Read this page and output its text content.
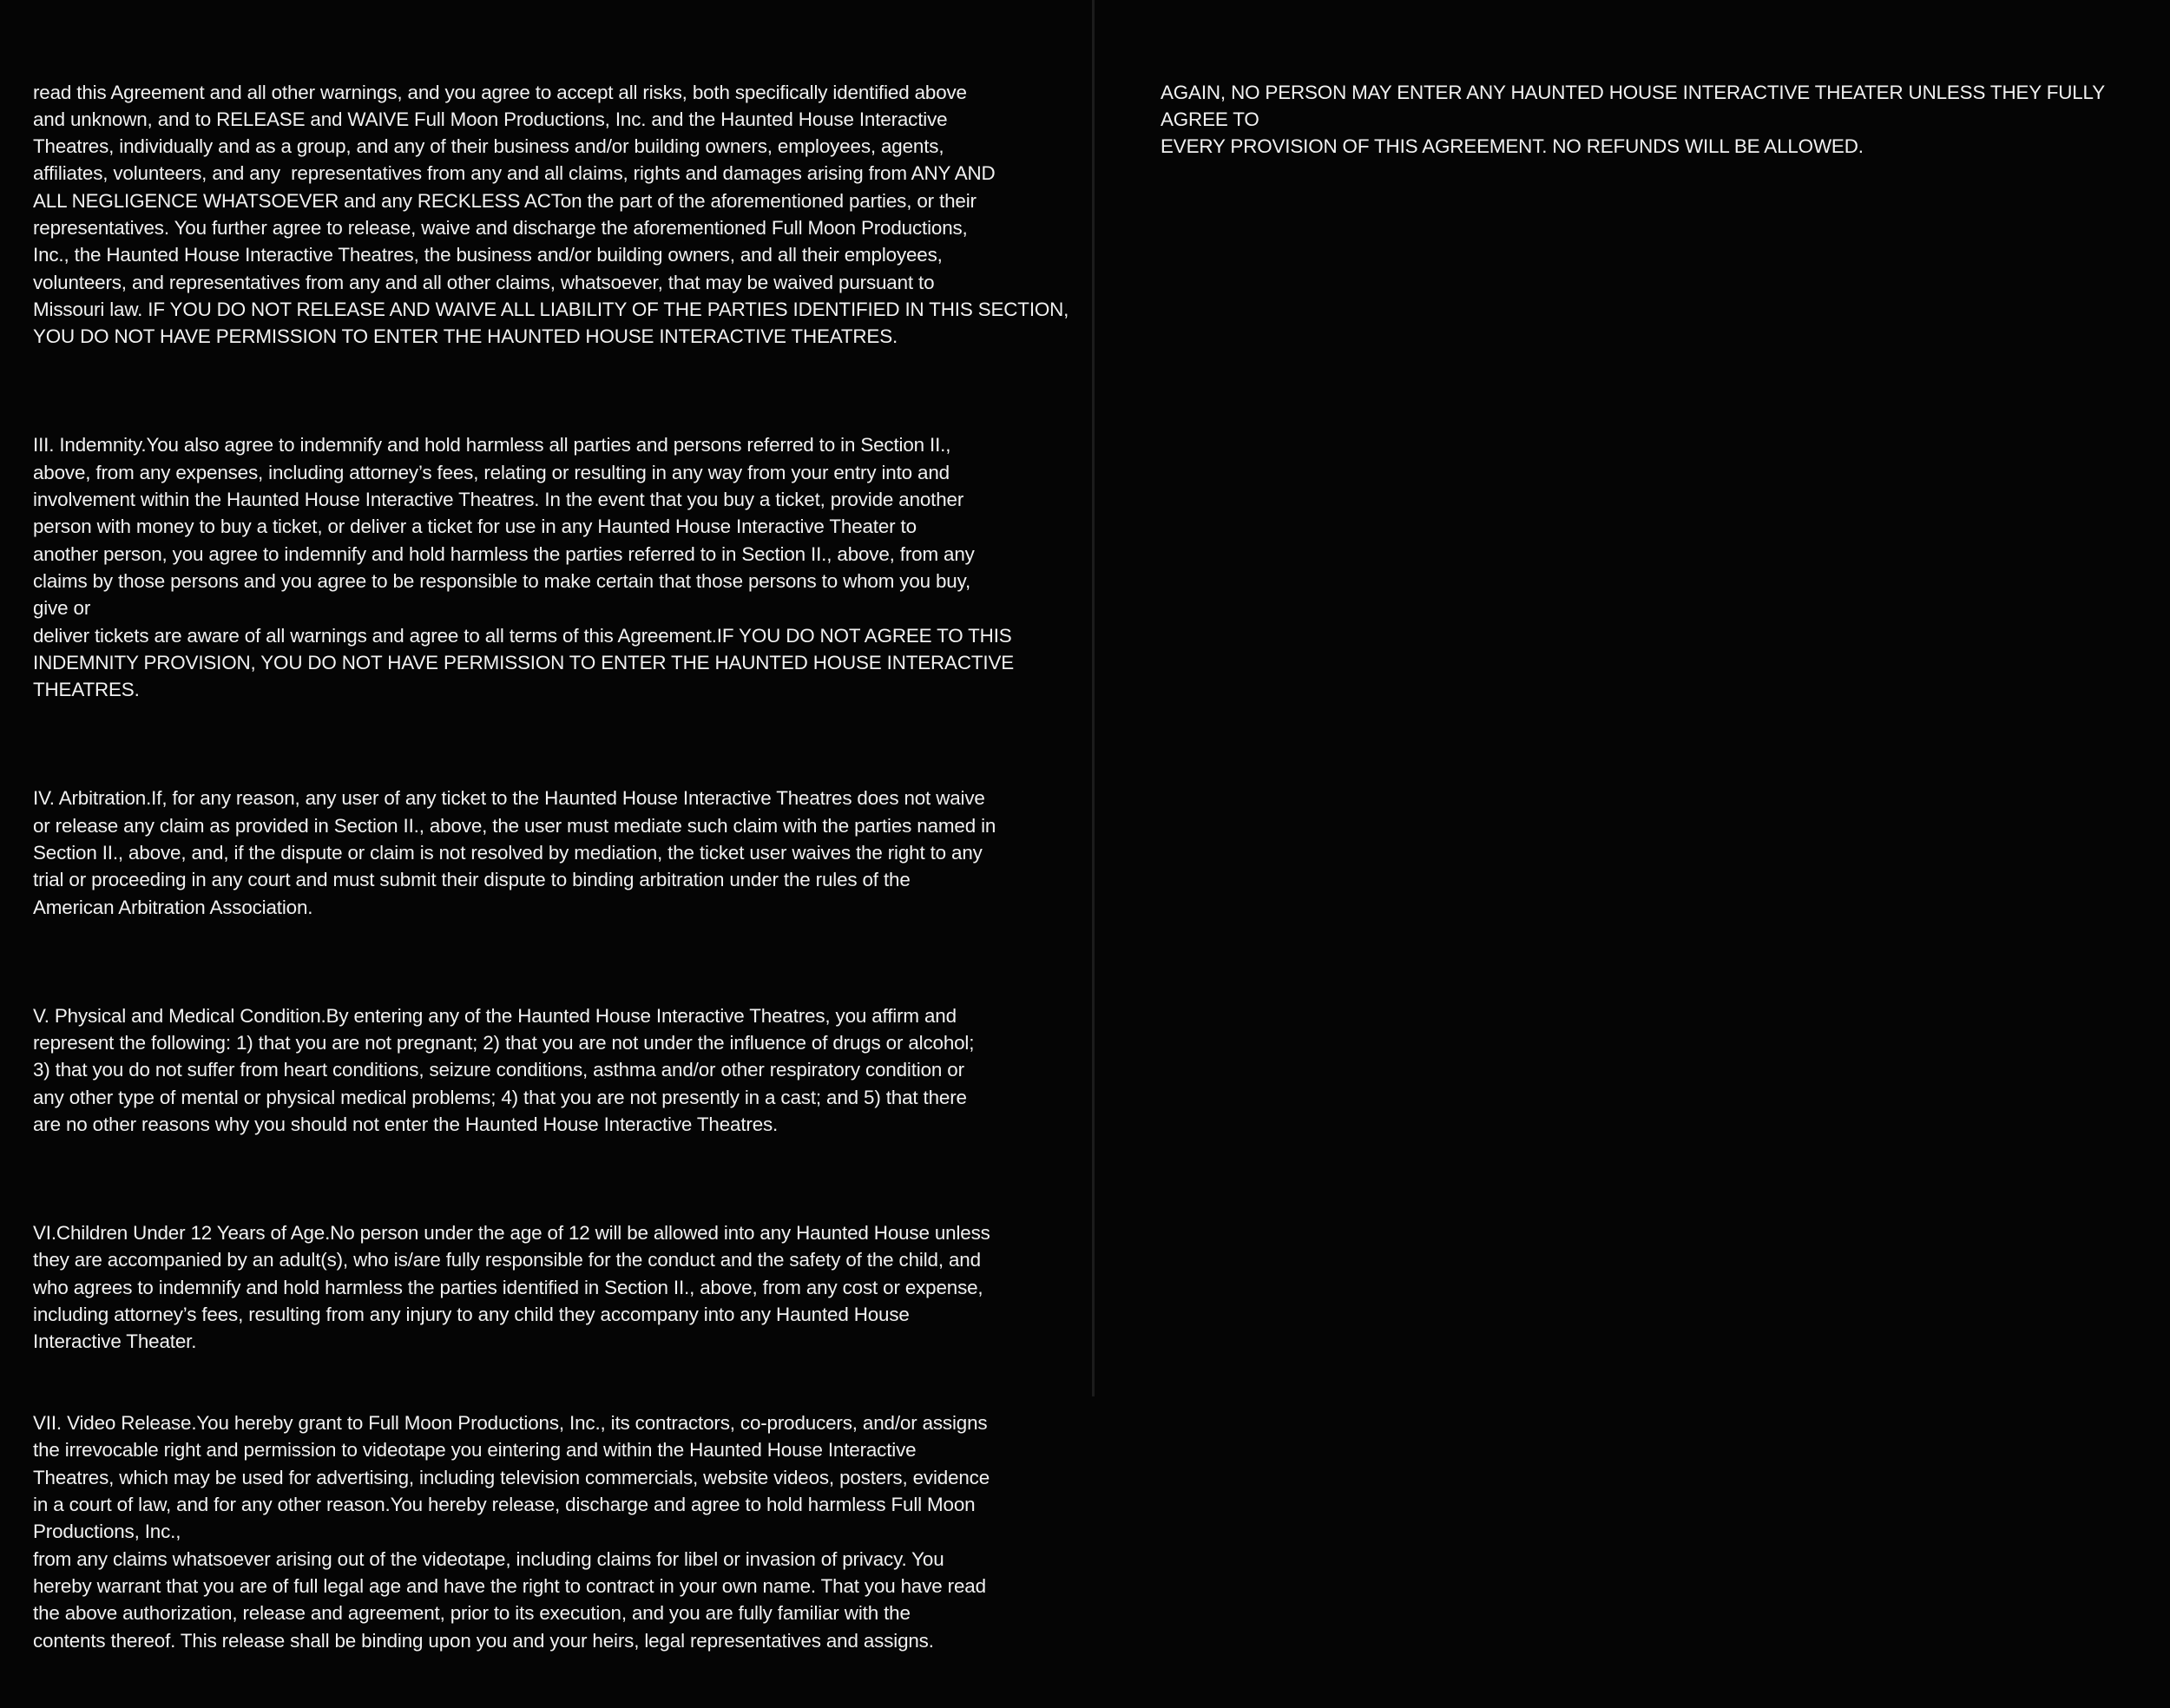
read this Agreement and all other warnings, and you agree to accept all risks, both specifically identified above
and unknown, and to RELEASE and WAIVE Full Moon Productions, Inc. and the Haunted House Interactive
Theatres, individually and as a group, and any of their business and/or building owners, employees, agents,
affiliates, volunteers, and any  representatives from any and all claims, rights and damages arising from ANY AND
ALL NEGLIGENCE WHATSOEVER and any RECKLESS ACTon the part of the aforementioned parties, or their
representatives. You further agree to release, waive and discharge the aforementioned Full Moon Productions,
Inc., the Haunted House Interactive Theatres, the business and/or building owners, and all their employees,
volunteers, and representatives from any and all other claims, whatsoever, that may be waived pursuant to
Missouri law. IF YOU DO NOT RELEASE AND WAIVE ALL LIABILITY OF THE PARTIES IDENTIFIED IN THIS SECTION,
YOU DO NOT HAVE PERMISSION TO ENTER THE HAUNTED HOUSE INTERACTIVE THEATRES.

III. Indemnity.You also agree to indemnify and hold harmless all parties and persons referred to in Section II.,
above, from any expenses, including attorney’s fees, relating or resulting in any way from your entry into and
involvement within the Haunted House Interactive Theatres. In the event that you buy a ticket, provide another
person with money to buy a ticket, or deliver a ticket for use in any Haunted House Interactive Theater to
another person, you agree to indemnify and hold harmless the parties referred to in Section II., above, from any
claims by those persons and you agree to be responsible to make certain that those persons to whom you buy,
give or
deliver tickets are aware of all warnings and agree to all terms of this Agreement.IF YOU DO NOT AGREE TO THIS
INDEMNITY PROVISION, YOU DO NOT HAVE PERMISSION TO ENTER THE HAUNTED HOUSE INTERACTIVE
THEATRES.

IV. Arbitration.If, for any reason, any user of any ticket to the Haunted House Interactive Theatres does not waive
or release any claim as provided in Section II., above, the user must mediate such claim with the parties named in
Section II., above, and, if the dispute or claim is not resolved by mediation, the ticket user waives the right to any
trial or proceeding in any court and must submit their dispute to binding arbitration under the rules of the
American Arbitration Association.

V. Physical and Medical Condition.By entering any of the Haunted House Interactive Theatres, you affirm and
represent the following: 1) that you are not pregnant; 2) that you are not under the influence of drugs or alcohol;
3) that you do not suffer from heart conditions, seizure conditions, asthma and/or other respiratory condition or
any other type of mental or physical medical problems; 4) that you are not presently in a cast; and 5) that there
are no other reasons why you should not enter the Haunted House Interactive Theatres.

VI.Children Under 12 Years of Age.No person under the age of 12 will be allowed into any Haunted House unless
they are accompanied by an adult(s), who is/are fully responsible for the conduct and the safety of the child, and
who agrees to indemnify and hold harmless the parties identified in Section II., above, from any cost or expense,
including attorney’s fees, resulting from any injury to any child they accompany into any Haunted House
Interactive Theater.

VII. Video Release.You hereby grant to Full Moon Productions, Inc., its contractors, co-producers, and/or assigns
the irrevocable right and permission to videotape you eintering and within the Haunted House Interactive
Theatres, which may be used for advertising, including television commercials, website videos, posters, evidence
in a court of law, and for any other reason.You hereby release, discharge and agree to hold harmless Full Moon
Productions, Inc.,
from any claims whatsoever arising out of the videotape, including claims for libel or invasion of privacy. You
hereby warrant that you are of full legal age and have the right to contract in your own name. That you have read
the above authorization, release and agreement, prior to its execution, and you are fully familiar with the
contents thereof. This release shall be binding upon you and your heirs, legal representatives and assigns.

AGAIN, NO PERSON MAY ENTER ANY HAUNTED HOUSE INTERACTIVE THEATER UNLESS THEY FULLY AGREE TO
EVERY PROVISION OF THIS AGREEMENT. NO REFUNDS WILL BE ALLOWED.
